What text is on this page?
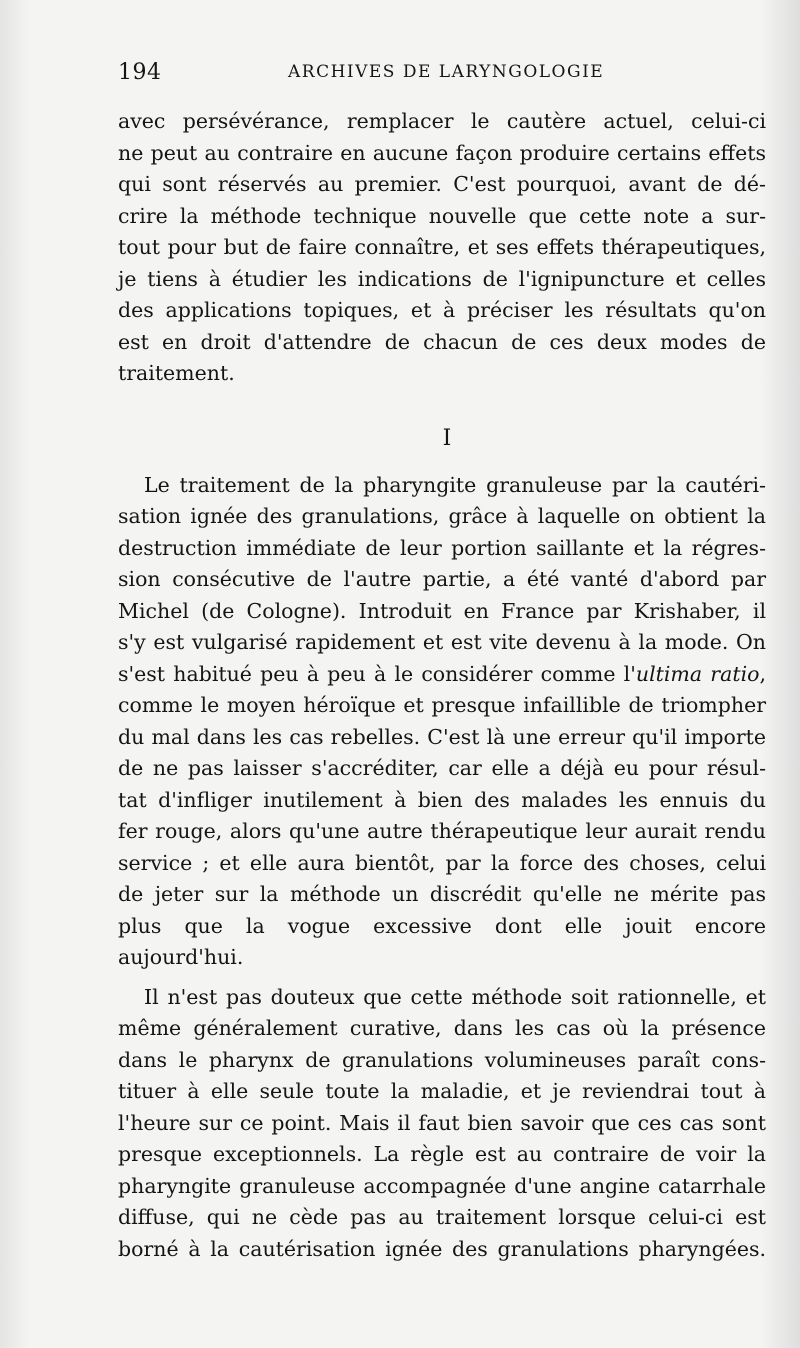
194	ARCHIVES DE LARYNGOLOGIE

avec persévérance, remplacer le cautère actuel, celui-ci
ne peut au contraire en aucune façon produire certains effets
qui sont réservés au premier. C'est pourquoi, avant de dé-
crire la méthode technique nouvelle que cette note a sur-
tout pour but de faire connaître, et ses effets thérapeutiques,
je tiens à étudier les indications de l'ignipuncture et celles
des applications topiques, et à préciser les résultats qu'on
est en droit d'attendre de chacun de ces deux modes de
traitement.

I

Le traitement de la pharyngite granuleuse par la cautéri-
sation ignée des granulations, grâce à laquelle on obtient la
destruction immédiate de leur portion saillante et la régres-
sion consécutive de l'autre partie, a été vanté d'abord par
Michel (de Cologne). Introduit en France par Krishaber, il
s'y est vulgarisé rapidement et est vite devenu à la mode. On
s'est habitué peu à peu à le considérer comme l'ultima ratio,
comme le moyen héroïque et presque infaillible de triompher
du mal dans les cas rebelles. C'est là une erreur qu'il importe
de ne pas laisser s'accréditer, car elle a déjà eu pour résul-
tat d'infliger inutilement à bien des malades les ennuis du
fer rouge, alors qu'une autre thérapeutique leur aurait rendu
service ; et elle aura bientôt, par la force des choses, celui
de jeter sur la méthode un discrédit qu'elle ne mérite pas
plus que la vogue excessive dont elle jouit encore
aujourd'hui.

Il n'est pas douteux que cette méthode soit rationnelle, et
même généralement curative, dans les cas où la présence
dans le pharynx de granulations volumineuses paraît cons-
tituer à elle seule toute la maladie, et je reviendrai tout à
l'heure sur ce point. Mais il faut bien savoir que ces cas sont
presque exceptionnels. La règle est au contraire de voir la
pharyngite granuleuse accompagnée d'une angine catarrhale
diffuse, qui ne cède pas au traitement lorsque celui-ci est
borné à la cautérisation ignée des granulations pharyngées.
